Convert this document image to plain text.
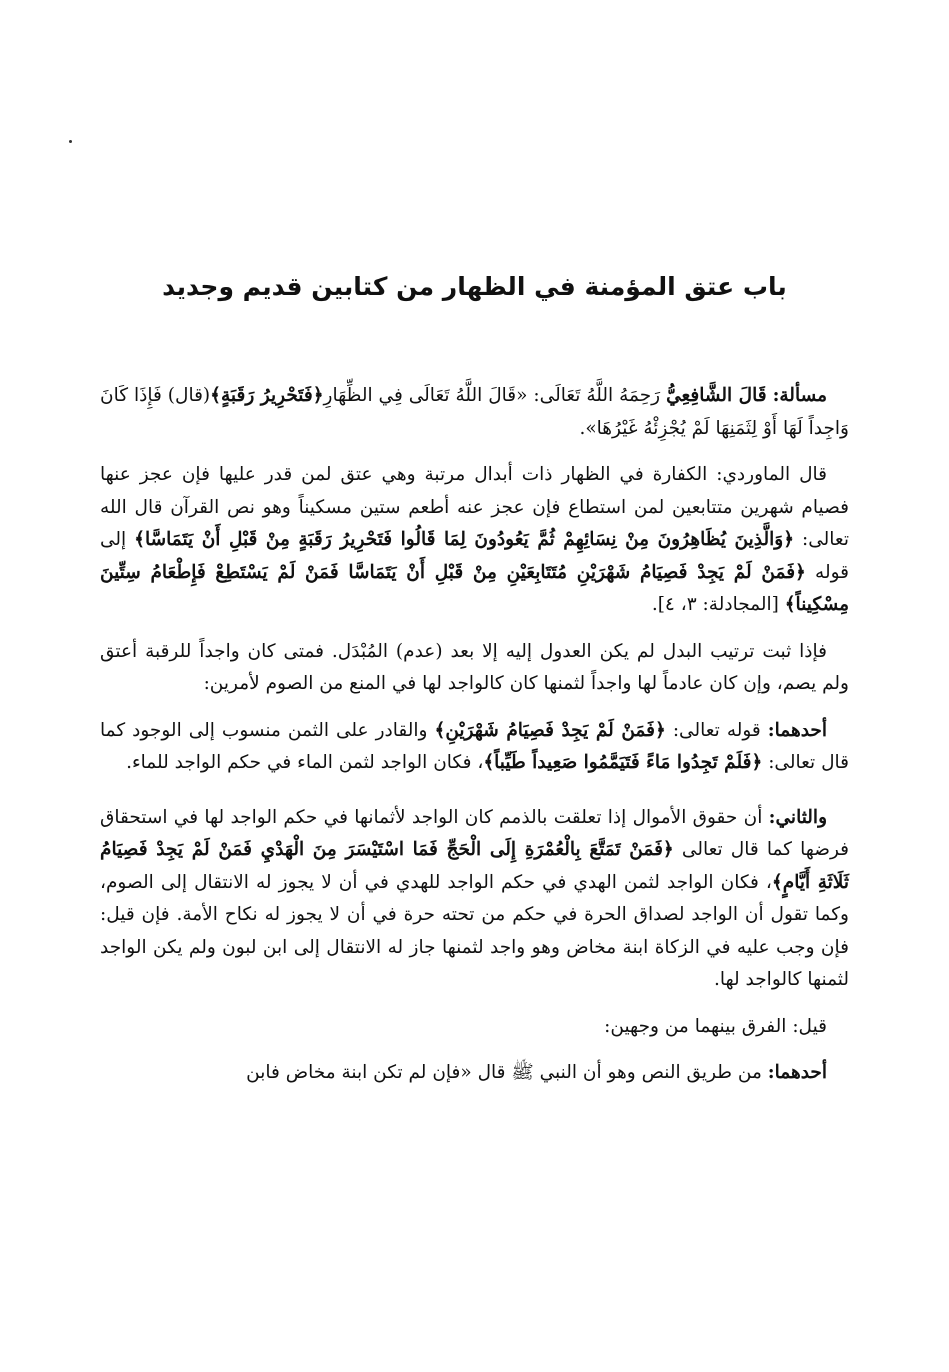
باب عتق المؤمنة في الظهار من كتابين قديم وجديد

مسألة: قَالَ الشَّافِعِيُّ رَحِمَهُ اللَّهُ تَعَالَى: «قَالَ اللَّهُ تَعَالَى فِي الظِّهَارِ﴿فَتَحْرِيرُ رَقَبَةٍ﴾(قال) فَإِذَا كَانَ وَاجِداً لَهَا أَوْ لِثَمَنِهَا لَمْ يُجْزِئْهُ غَيْرُهَا».

قال الماوردي: الكفارة في الظهار ذات أبدال مرتبة وهي عتق لمن قدر عليها فإن عجز عنها فصيام شهرين متتابعين لمن استطاع فإن عجز عنه أطعم ستين مسكيناً وهو نص القرآن قال الله تعالى: ﴿وَالَّذِينَ يُظَاهِرُونَ مِنْ نِسَائِهِمْ ثُمَّ يَعُودُونَ لِمَا قَالُوا فَتَحْرِيرُ رَقَبَةٍ مِنْ قَبْلِ أَنْ يَتَمَاسَّا﴾ إلى قوله ﴿فَمَنْ لَمْ يَجِدْ فَصِيَامُ شَهْرَيْنِ مُتَتَابِعَيْنِ مِنْ قَبْلِ أَنْ يَتَمَاسَّا فَمَنْ لَمْ يَسْتَطِعْ فَإِطْعَامُ سِتِّينَ مِسْكِيناً﴾ [المجادلة: ٣، ٤].

فإذا ثبت ترتيب البدل لم يكن العدول إليه إلا بعد (عدم) المُبْدَل. فمتى كان واجداً للرقبة أعتق ولم يصم، وإن كان عادماً لها واجداً لثمنها كان كالواجد لها في المنع من الصوم لأمرين:

أحدهما: قوله تعالى: ﴿فَمَنْ لَمْ يَجِدْ فَصِيَامُ شَهْرَيْنِ﴾ والقادر على الثمن منسوب إلى الوجود كما قال تعالى: ﴿فَلَمْ تَجِدُوا مَاءً فَتَيَمَّمُوا صَعِيداً طَيِّباً﴾، فكان الواجد لثمن الماء في حكم الواجد للماء.

والثاني: أن حقوق الأموال إذا تعلقت بالذمم كان الواجد لأثمانها في حكم الواجد لها في استحقاق فرضها كما قال تعالى ﴿فَمَنْ تَمَتَّعَ بِالْعُمْرَةِ إِلَى الْحَجِّ فَمَا اسْتَيْسَرَ مِنَ الْهَدْيِ فَمَنْ لَمْ يَجِدْ فَصِيَامُ ثَلَاثَةِ أَيَّامٍ﴾، فكان الواجد لثمن الهدي في حكم الواجد للهدي في أن لا يجوز له الانتقال إلى الصوم، وكما تقول أن الواجد لصداق الحرة في حكم من تحته حرة في أن لا يجوز له نكاح الأمة. فإن قيل: فإن وجب عليه في الزكاة ابنة مخاض وهو واجد لثمنها جاز له الانتقال إلى ابن لبون ولم يكن الواجد لثمنها كالواجد لها.

قيل: الفرق بينهما من وجهين:

أحدهما: من طريق النص وهو أن النبي ﷺ قال «فإن لم تكن ابنة مخاض فابن
